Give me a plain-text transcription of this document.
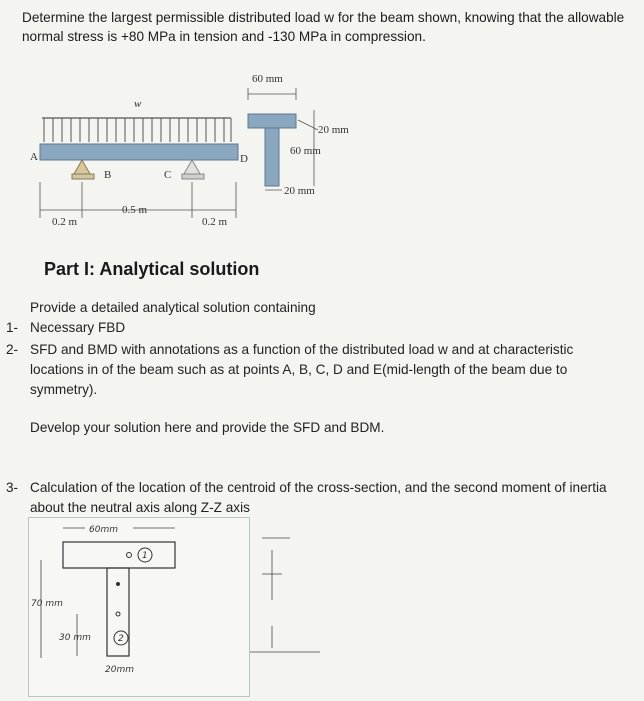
Determine the largest permissible distributed load w for the beam shown, knowing that the allowable normal stress is +80 MPa in tension and -130 MPa in compression.
w
A	D
B	C
0.2 m
0.5 m
0.2 m
60 mm
20 mm
60 mm
20 mm
Part I: Analytical solution
Provide a detailed analytical solution containing
1- Necessary FBD
2- SFD and BMD with annotations as a function of the distributed load w and at characteristic locations in of the beam such as at points A, B, C, D and E(mid-length of the beam due to symmetry).
Develop your solution here and provide the SFD and BDM.
3- Calculation of the location of the centroid of the cross-section, and the second moment of inertia about the neutral axis along Z-Z axis
60mm
1
2
70 mm
30 mm
20mm
